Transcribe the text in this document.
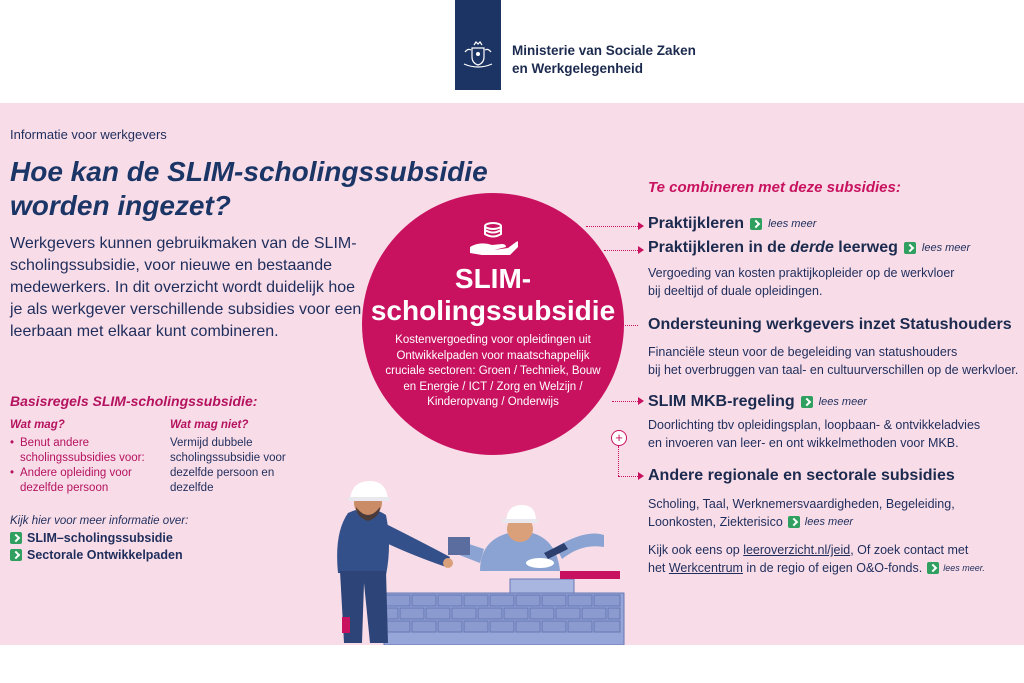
Ministerie van Sociale Zaken
en Werkgelegenheid
Informatie voor werkgevers
Hoe kan de SLIM-scholingssubsidie worden ingezet?

Werkgevers kunnen gebruikmaken van de SLIM-scholingssubsidie, voor nieuwe en bestaande medewerkers. In dit overzicht wordt duidelijk hoe je als werkgever verschillende subsidies voor een leerbaan met elkaar kunt combineren.

Basisregels SLIM-scholingssubsidie:
Wat mag?
• Benut andere scholingssubsidies voor:
• Andere opleiding voor dezelfde persoon
Wat mag niet?
Vermijd dubbele scholingssubsidie voor dezelfde persoon en dezelfde
Kijk hier voor meer informatie over:
SLIM–scholingssubsidie
Sectorale Ontwikkelpaden
SLIM-
scholingssubsidie
Kostenvergoeding voor opleidingen uit Ontwikkelpaden voor maatschappelijk cruciale sectoren: Groen / Techniek, Bouw en Energie / ICT / Zorg en Welzijn / Kinderopvang / Onderwijs
+
Te combineren met deze subsidies:
Praktijkleren lees meer
Praktijkleren in de derde leerweg lees meer
Vergoeding van kosten praktijkopleider op de werkvloer
bij deeltijd of duale opleidingen.
Ondersteuning werkgevers inzet Statushouders
Financiële steun voor de begeleiding van statushouders
bij het overbruggen van taal- en cultuurverschillen op de werkvloer.
SLIM MKB-regeling lees meer
Doorlichting tbv opleidingsplan, loopbaan- & ontvikkeladvies
en invoeren van leer- en ont wikkelmethoden voor MKB.
Andere regionale en sectorale subsidies
Scholing, Taal, Werknemersvaardigheden, Begeleiding,
Loonkosten, Ziekterisico lees meer
Kijk ook eens op leeroverzicht.nl/jeid, Of zoek contact met
het Werkcentrum in de regio of eigen O&O-fonds. lees meer.
